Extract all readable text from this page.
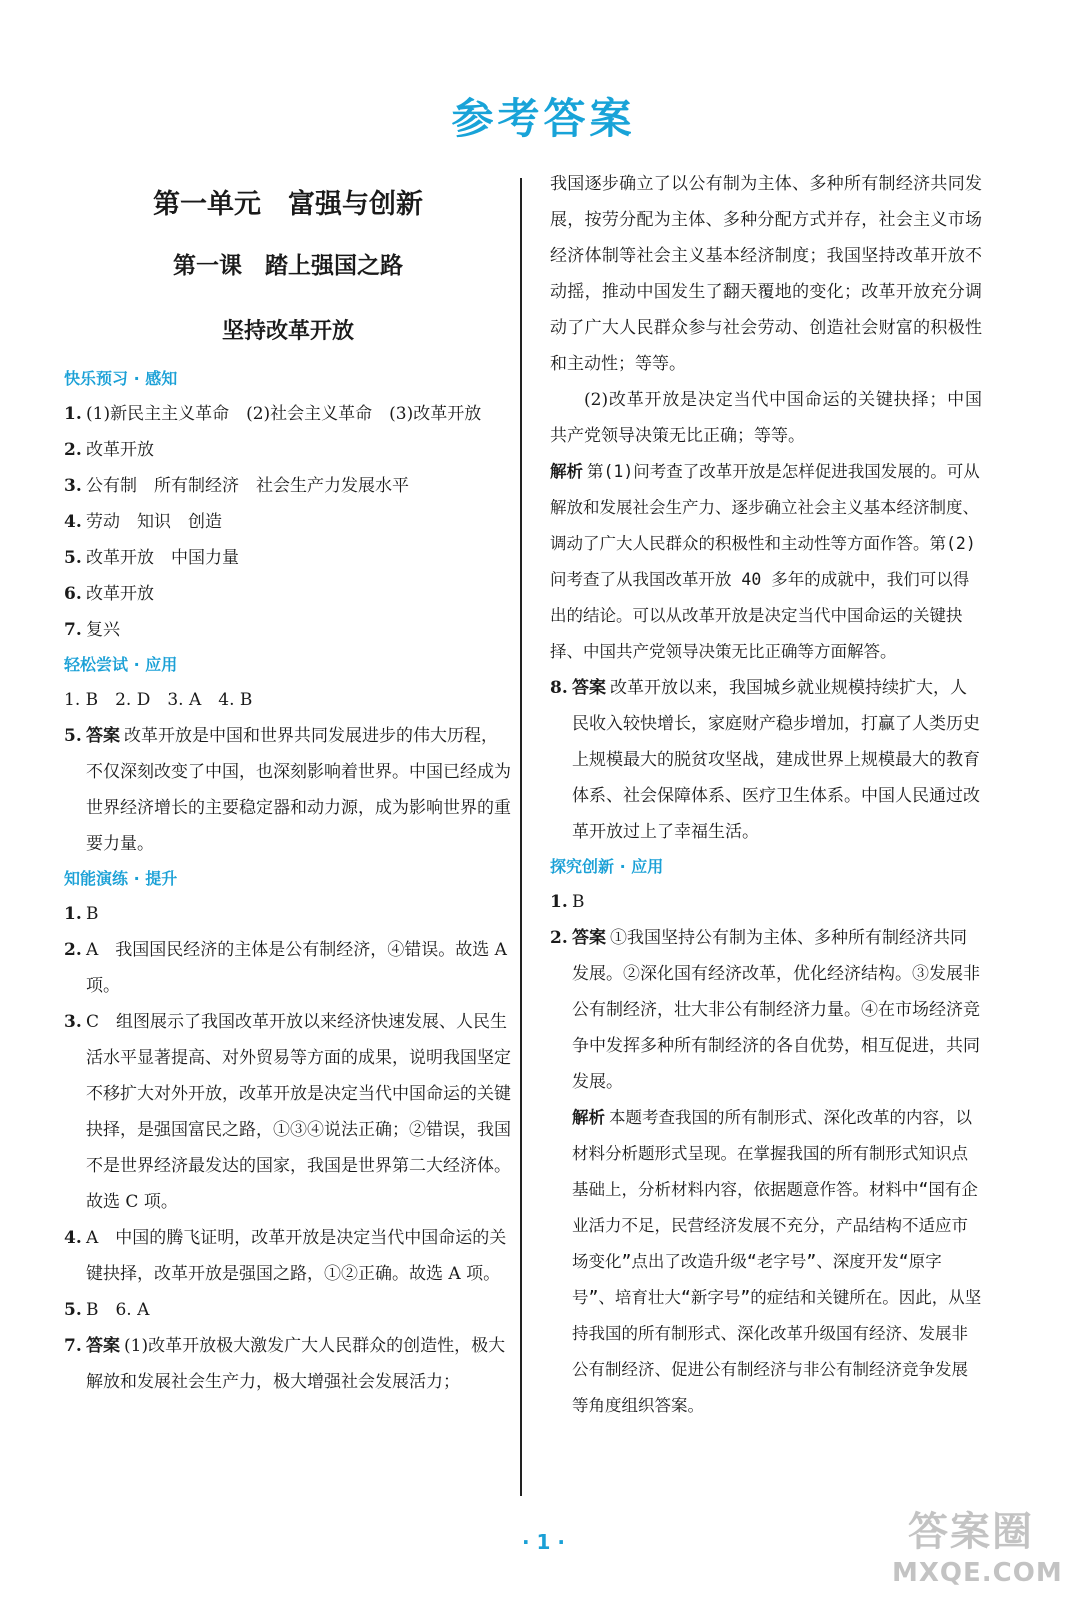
参考答案
第一单元　富强与创新
第一课　踏上强国之路
坚持改革开放
快乐预习 · 感知
1. (1)新民主主义革命　(2)社会主义革命　(3)改革开放
2. 改革开放
3. 公有制　所有制经济　社会生产力发展水平
4. 劳动　知识　创造
5. 改革开放　中国力量
6. 改革开放
7. 复兴
轻松尝试 · 应用
1. B　2. D　3. A　4. B
5. 答案 改革开放是中国和世界共同发展进步的伟大历程，不仅深刻改变了中国，也深刻影响着世界。中国已经成为世界经济增长的主要稳定器和动力源，成为影响世界的重要力量。
知能演练 · 提升
1. B
2. A　我国国民经济的主体是公有制经济，④错误。故选 A 项。
3. C　组图展示了我国改革开放以来经济快速发展、人民生活水平显著提高、对外贸易等方面的成果，说明我国坚定不移扩大对外开放，改革开放是决定当代中国命运的关键抉择，是强国富民之路，①③④说法正确；②错误，我国不是世界经济最发达的国家，我国是世界第二大经济体。故选 C 项。
4. A　中国的腾飞证明，改革开放是决定当代中国命运的关键抉择，改革开放是强国之路，①②正确。故选 A 项。
5. B　6. A
7. 答案 (1)改革开放极大激发广大人民群众的创造性，极大解放和发展社会生产力，极大增强社会发展活力；
我国逐步确立了以公有制为主体、多种所有制经济共同发展，按劳分配为主体、多种分配方式并存，社会主义市场经济体制等社会主义基本经济制度；我国坚持改革开放不动摇，推动中国发生了翻天覆地的变化；改革开放充分调动了广大人民群众参与社会劳动、创造社会财富的积极性和主动性；等等。
(2)改革开放是决定当代中国命运的关键抉择；中国共产党领导决策无比正确；等等。
解析 第(1)问考查了改革开放是怎样促进我国发展的。可从解放和发展社会生产力、逐步确立社会主义基本经济制度、调动了广大人民群众的积极性和主动性等方面作答。第(2)问考查了从我国改革开放 40 多年的成就中，我们可以得出的结论。可以从改革开放是决定当代中国命运的关键抉择、中国共产党领导决策无比正确等方面解答。
8. 答案 改革开放以来，我国城乡就业规模持续扩大，人民收入较快增长，家庭财产稳步增加，打赢了人类历史上规模最大的脱贫攻坚战，建成世界上规模最大的教育体系、社会保障体系、医疗卫生体系。中国人民通过改革开放过上了幸福生活。
探究创新 · 应用
1. B
2. 答案 ①我国坚持公有制为主体、多种所有制经济共同发展。②深化国有经济改革，优化经济结构。③发展非公有制经济，壮大非公有制经济力量。④在市场经济竞争中发挥多种所有制经济的各自优势，相互促进，共同发展。
解析 本题考查我国的所有制形式、深化改革的内容，以材料分析题形式呈现。在掌握我国的所有制形式知识点基础上，分析材料内容，依据题意作答。材料中“国有企业活力不足，民营经济发展不充分，产品结构不适应市场变化”点出了改造升级“老字号”、深度开发“原字号”、培育壮大“新字号”的症结和关键所在。因此，从坚持我国的所有制形式、深化改革升级国有经济、发展非公有制经济、促进公有制经济与非公有制经济竞争发展等角度组织答案。
· 1 ·	答案圈
MXQE.COM
